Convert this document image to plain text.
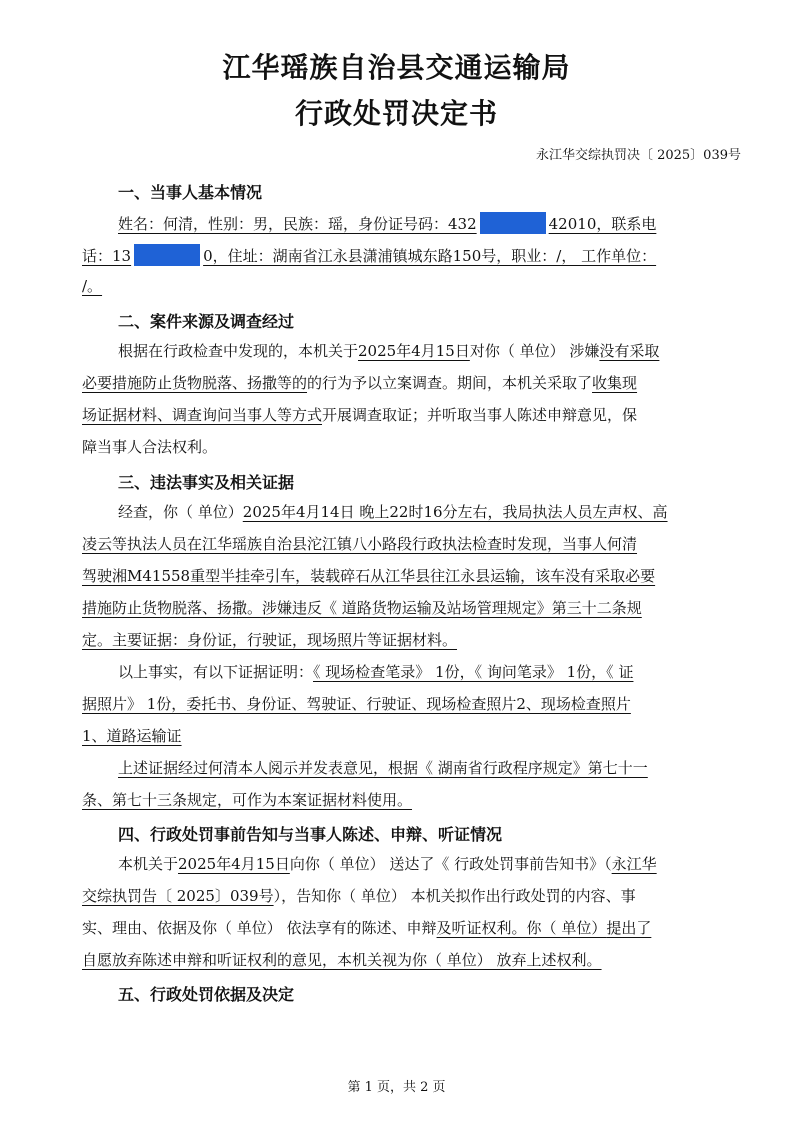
江华瑶族自治县交通运输局
行政处罚决定书
永江华交综执罚决〔 2025〕039号
一、当事人基本情况
姓名：何清，性别：男，民族：瑶，身份证号码：432	42010，联系电
话：13	0，住址：湖南省江永县潇浦镇城东路150号，职业：/， 工作单位：
/。
二、案件来源及调查经过
根据在行政检查中发现的，本机关于2025年4月15日对你（ 单位） 涉嫌没有采取
必要措施防止货物脱落、扬撒等的的行为予以立案调查。期间，本机关采取了收集现
场证据材料、调查询问当事人等方式开展调查取证；并听取当事人陈述申辩意见，保
障当事人合法权利。
三、违法事实及相关证据
经查，你（ 单位）2025年4月14日 晚上22时16分左右，我局执法人员左声权、高
凌云等执法人员在江华瑶族自治县沱江镇八小路段行政执法检查时发现，当事人何清
驾驶湘M41558重型半挂牵引车，装载碎石从江华县往江永县运输，该车没有采取必要
措施防止货物脱落、扬撒。涉嫌违反《 道路货物运输及站场管理规定》第三十二条规
定。主要证据：身份证，行驶证，现场照片等证据材料。
以上事实，有以下证据证明：《 现场检查笔录》 1份，《 询问笔录》 1份，《 证
据照片》 1份，委托书、身份证、驾驶证、行驶证、现场检查照片2、现场检查照片
1、道路运输证
上述证据经过何清本人阅示并发表意见，根据《 湖南省行政程序规定》第七十一
条、第七十三条规定，可作为本案证据材料使用。
四、行政处罚事前告知与当事人陈述、申辩、听证情况
本机关于2025年4月15日向你（ 单位） 送达了《 行政处罚事前告知书》（永江华
交综执罚告〔 2025〕039号），告知你（ 单位） 本机关拟作出行政处罚的内容、事
实、理由、依据及你（ 单位） 依法享有的陈述、申辩及听证权利。你（ 单位）提出了
自愿放弃陈述申辩和听证权利的意见，本机关视为你（ 单位） 放弃上述权利。
五、行政处罚依据及决定
第 1 页，共 2 页
